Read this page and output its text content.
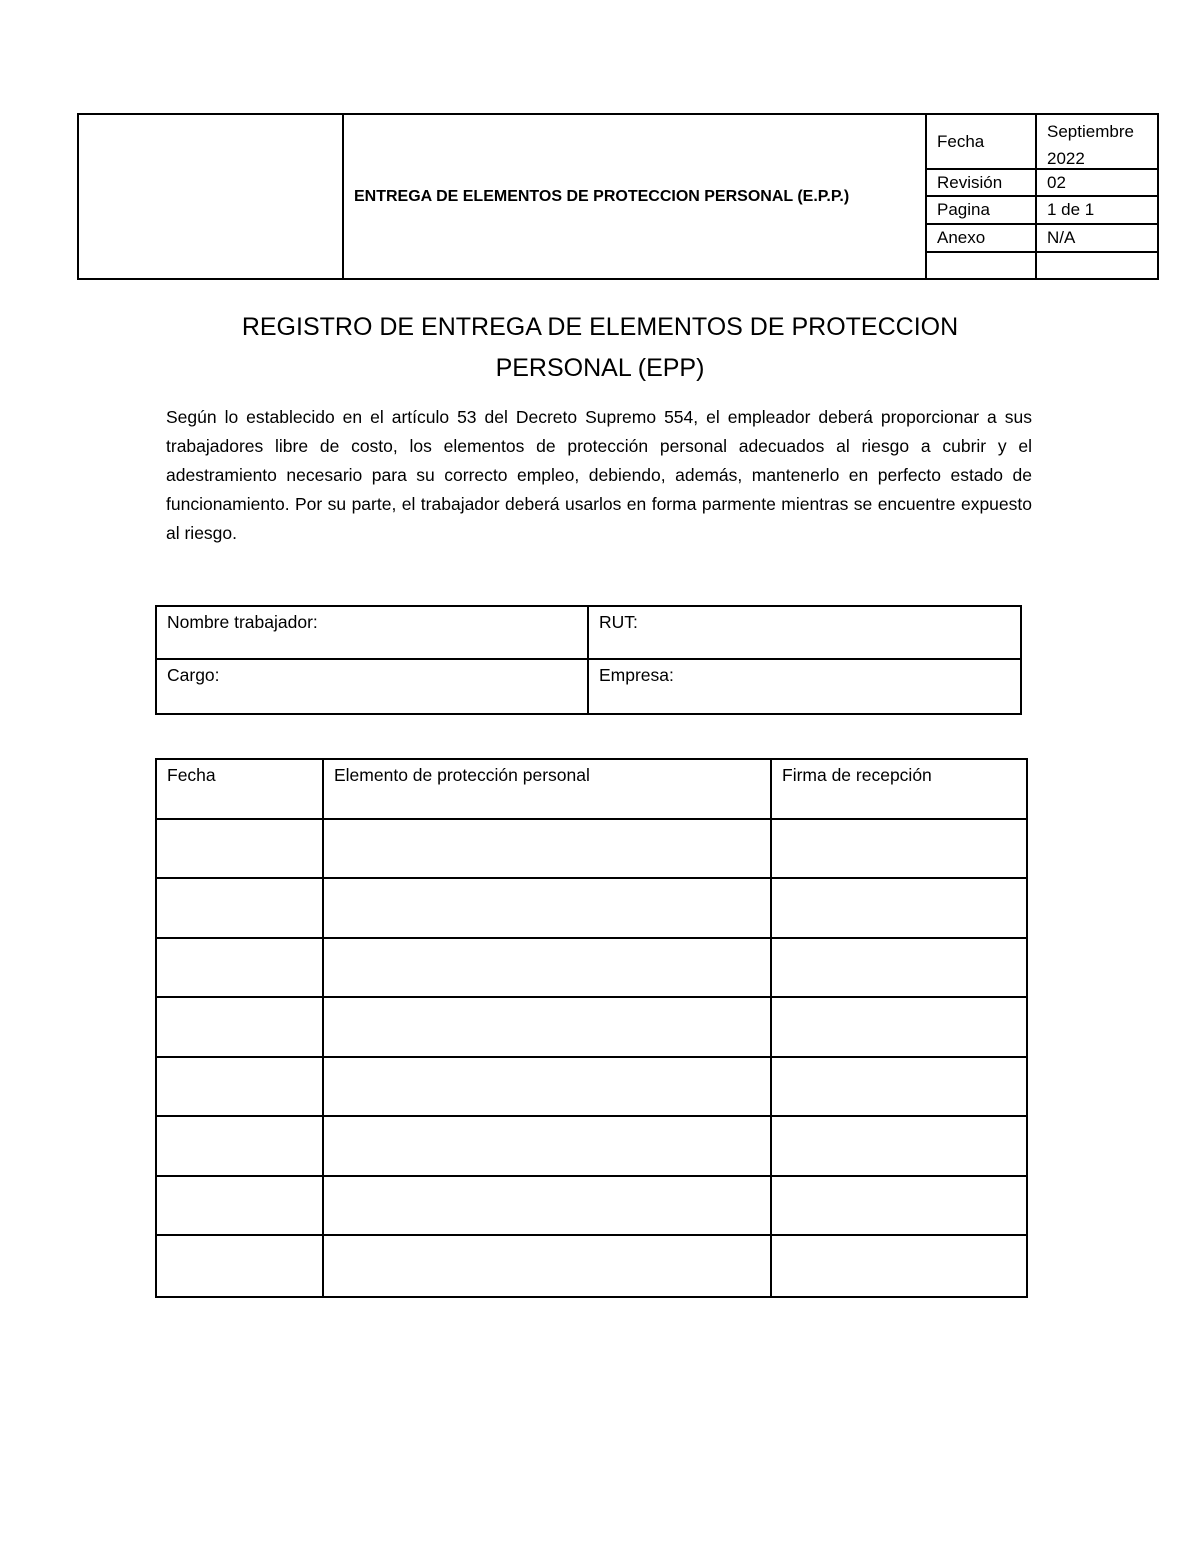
ENTREGA DE ELEMENTOS DE PROTECCION PERSONAL (E.P.P.)
Fecha	Septiembre
2022
Revisión	02
Pagina	1 de 1
Anexo	N/A
REGISTRO DE ENTREGA DE ELEMENTOS DE PROTECCION
PERSONAL (EPP)
Según lo establecido en el artículo 53 del Decreto Supremo 554, el empleador deberá proporcionar a sus trabajadores libre de costo, los elementos de protección personal adecuados al riesgo a cubrir y el adestramiento necesario para su correcto empleo, debiendo, además, mantenerlo en perfecto estado de funcionamiento. Por su parte, el trabajador deberá usarlos en forma parmente mientras se encuentre expuesto al riesgo.
Nombre trabajador:	RUT:
Cargo:	Empresa:
Fecha	Elemento de protección personal	Firma de recepción
